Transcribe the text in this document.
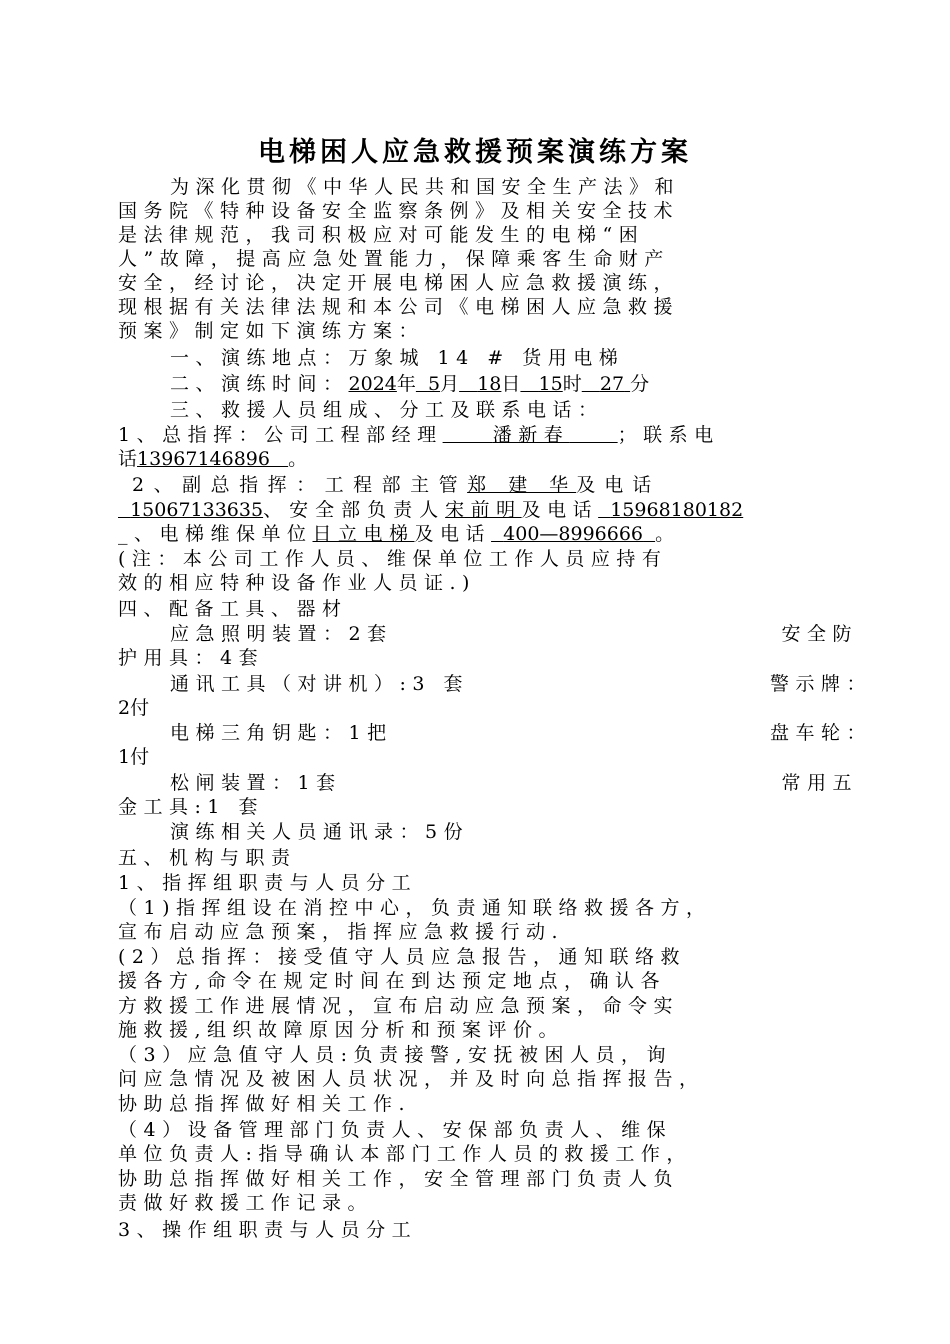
电梯困人应急救援预案演练方案
为深化贯彻《中华人民共和国安全生产法》和
国务院《特种设备安全监察条例》及相关安全技术
是法律规范，我司积极应对可能发生的电梯“困
人”故障，提高应急处置能力，保障乘客生命财产
安全，经讨论，决定开展电梯困人应急救援演练，
现根据有关法律法规和本公司《电梯困人应急救援
预案》制定如下演练方案：
一、演练地点：万象城 14 # 货用电梯
二、演练时间：2024年 5月 18日 15时 27 分
三、救援人员组成、分工及联系电话：
1、总指挥：公司工程部经理	潘新春	；联系电
话13967146896 。
2、副总指挥：工程部主管郑 建 华及电话
15067133635、安全部负责人宋前明及电话 15968180182
_、电梯维保单位日立电梯及电话 400—8996666 。
(注：本公司工作人员、维保单位工作人员应持有
效的相应特种设备作业人员证.)
四、配备工具、器材
应急照明装置：2套	安全防
护用具：4套
通讯工具（对讲机）:3 套	警示牌：
2付
电梯三角钥匙：1把	盘车轮：
1付
松闸装置：1套	常用五
金工具:1 套
演练相关人员通讯录：5份
五、机构与职责
1、指挥组职责与人员分工
（1)指挥组设在消控中心，负责通知联络救援各方，
宣布启动应急预案，指挥应急救援行动.
(2）总指挥：接受值守人员应急报告，通知联络救
援各方,命令在规定时间在到达预定地点，确认各
方救援工作进展情况，宣布启动应急预案，命令实
施救援,组织故障原因分析和预案评价。
（3）应急值守人员:负责接警,安抚被困人员，询
问应急情况及被困人员状况，并及时向总指挥报告，
协助总指挥做好相关工作.
（4）设备管理部门负责人、安保部负责人、维保
单位负责人:指导确认本部门工作人员的救援工作，
协助总指挥做好相关工作，安全管理部门负责人负
责做好救援工作记录。
3、操作组职责与人员分工
